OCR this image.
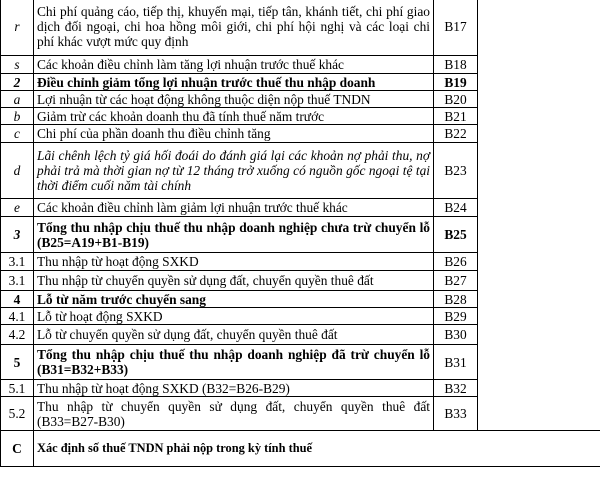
r	Chi phí quảng cáo, tiếp thị, khuyến mại, tiếp tân, khánh tiết, chi phí giao dịch đối ngoại, chi hoa hồng môi giới, chi phí hội nghị và các loại chi phí khác vượt mức quy định	B17	
s	Các khoản điều chỉnh làm tăng lợi nhuận trước thuế khác	B18	
2	Điều chỉnh giảm tổng lợi nhuận trước thuế thu nhập doanh	B19	
a	Lợi nhuận từ các hoạt động không thuộc diện nộp thuế TNDN	B20	
b	Giảm trừ các khoản doanh thu đã tính thuế năm trước	B21	
c	Chi phí của phần doanh thu điều chỉnh tăng	B22	
d	Lãi chênh lệch tỷ giá hối đoái do đánh giá lại các khoản nợ phải thu, nợ phải trả mà thời gian nợ từ 12 tháng trở xuống có nguồn gốc ngoại tệ tại thời điểm cuối năm tài chính	B23	
e	Các khoản điều chỉnh làm giảm lợi nhuận trước thuế khác	B24	
3	Tổng thu nhập chịu thuế thu nhập doanh nghiệp chưa trừ chuyển lỗ (B25=A19+B1-B19)	B25	
3.1	Thu nhập từ hoạt động SXKD	B26	
3.1	Thu nhập từ chuyển quyền sử dụng đất, chuyển quyền thuê đất	B27	
4	Lỗ từ năm trước chuyển sang	B28	
4.1	Lỗ từ hoạt động SXKD	B29	
4.2	Lỗ từ chuyển quyền sử dụng đất, chuyển quyền thuê đất	B30	
5	Tổng thu nhập chịu thuế thu nhập doanh nghiệp đã trừ chuyển lỗ (B31=B32+B33)	B31	
5.1	Thu nhập từ hoạt động SXKD (B32=B26-B29)	B32	
5.2	Thu nhập từ chuyển quyền sử dụng đất, chuyển quyền thuê đất (B33=B27-B30)	B33	
C	Xác định số thuế TNDN phải nộp trong kỳ tính thuế		
